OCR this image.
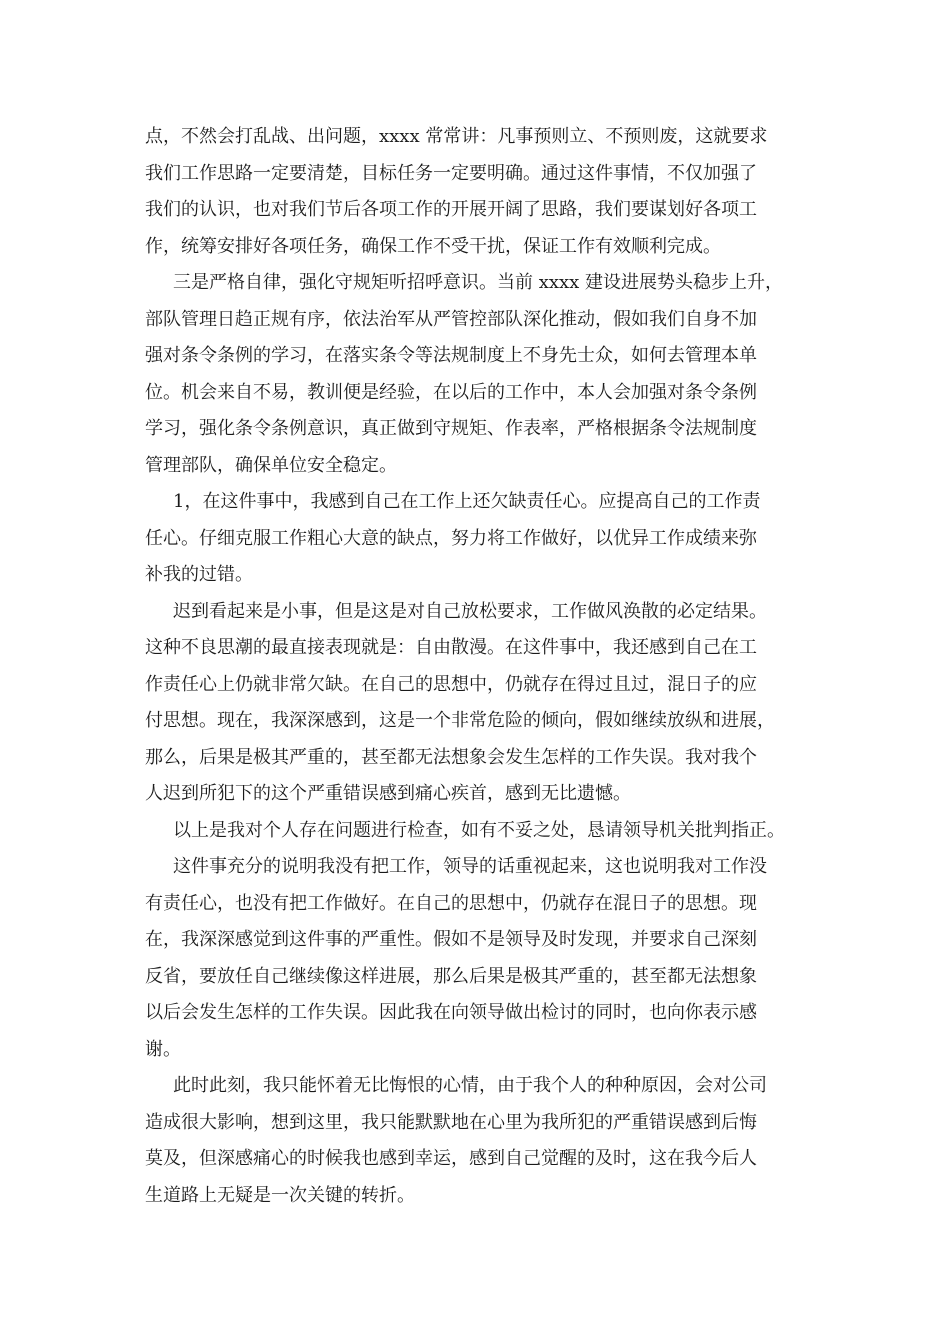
点，不然会打乱战、出问题，xxxx 常常讲：凡事预则立、不预则废，这就要求
我们工作思路一定要清楚，目标任务一定要明确。通过这件事情，不仅加强了
我们的认识，也对我们节后各项工作的开展开阔了思路，我们要谋划好各项工
作，统筹安排好各项任务，确保工作不受干扰，保证工作有效顺利完成。
三是严格自律，强化守规矩听招呼意识。当前 xxxx 建设进展势头稳步上升，
部队管理日趋正规有序，依法治军从严管控部队深化推动，假如我们自身不加
强对条令条例的学习，在落实条令等法规制度上不身先士众，如何去管理本单
位。机会来自不易，教训便是经验，在以后的工作中，本人会加强对条令条例
学习，强化条令条例意识，真正做到守规矩、作表率，严格根据条令法规制度
管理部队，确保单位安全稳定。
1，在这件事中，我感到自己在工作上还欠缺责任心。应提高自己的工作责
任心。仔细克服工作粗心大意的缺点，努力将工作做好，以优异工作成绩来弥
补我的过错。
迟到看起来是小事，但是这是对自己放松要求，工作做风涣散的必定结果。
这种不良思潮的最直接表现就是：自由散漫。在这件事中，我还感到自己在工
作责任心上仍就非常欠缺。在自己的思想中，仍就存在得过且过，混日子的应
付思想。现在，我深深感到，这是一个非常危险的倾向，假如继续放纵和进展，
那么，后果是极其严重的，甚至都无法想象会发生怎样的工作失误。我对我个
人迟到所犯下的这个严重错误感到痛心疾首，感到无比遗憾。
以上是我对个人存在问题进行检查，如有不妥之处，恳请领导机关批判指正。
这件事充分的说明我没有把工作，领导的话重视起来，这也说明我对工作没
有责任心，也没有把工作做好。在自己的思想中，仍就存在混日子的思想。现
在，我深深感觉到这件事的严重性。假如不是领导及时发现，并要求自己深刻
反省，要放任自己继续像这样进展，那么后果是极其严重的，甚至都无法想象
以后会发生怎样的工作失误。因此我在向领导做出检讨的同时，也向你表示感
谢。
此时此刻，我只能怀着无比悔恨的心情，由于我个人的种种原因，会对公司
造成很大影响，想到这里，我只能默默地在心里为我所犯的严重错误感到后悔
莫及，但深感痛心的时候我也感到幸运，感到自己觉醒的及时，这在我今后人
生道路上无疑是一次关键的转折。
